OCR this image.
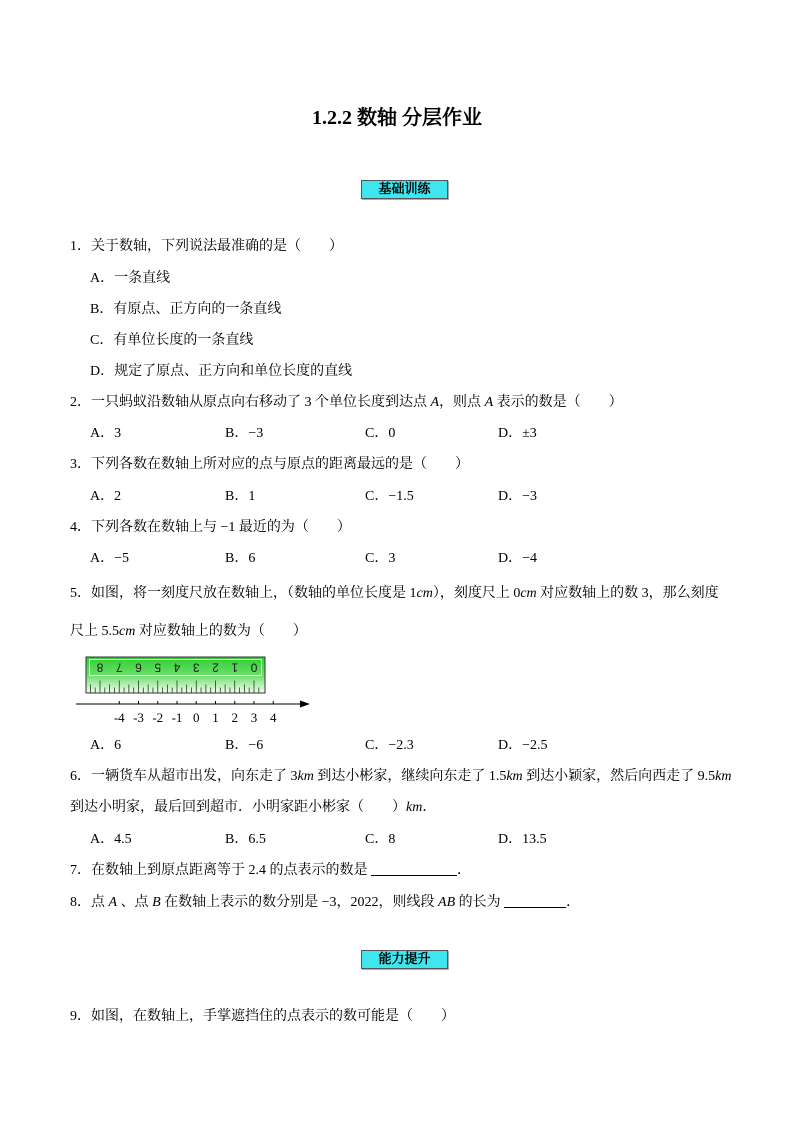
1.2.2 数轴 分层作业
基础训练
1．关于数轴，下列说法最准确的是（　　）
A．一条直线
B．有原点、正方向的一条直线
C．有单位长度的一条直线
D．规定了原点、正方向和单位长度的直线
2．一只蚂蚁沿数轴从原点向右移动了 3 个单位长度到达点 A，则点 A 表示的数是（　　）
A．3	B．−3	C．0	D．±3
3．下列各数在数轴上所对应的点与原点的距离最远的是（　　）
A．2	B．1	C．−1.5	D．−3
4．下列各数在数轴上与 −1 最近的为（　　）
A．−5	B．6	C．3	D．−4
5．如图，将一刻度尺放在数轴上，（数轴的单位长度是 1cm），刻度尺上 0cm 对应数轴上的数 3，那么刻度
尺上 5.5cm 对应数轴上的数为（　　）
0
1
2
3
4
5
6
7
8
-4 -3 -2 -1 0 1 2 3 4
A．6	B．−6	C．−2.3	D．−2.5
6．一辆货车从超市出发，向东走了 3km 到达小彬家，继续向东走了 1.5km 到达小颖家，然后向西走了 9.5km
到达小明家，最后回到超市．小明家距小彬家（　　）km．
A．4.5	B．6.5	C．8	D．13.5
7．在数轴上到原点距离等于 2.4 的点表示的数是	．
8．点 A 、点 B 在数轴上表示的数分别是 −3，2022，则线段 AB 的长为	．
能力提升
9．如图，在数轴上，手掌遮挡住的点表示的数可能是（　　）
